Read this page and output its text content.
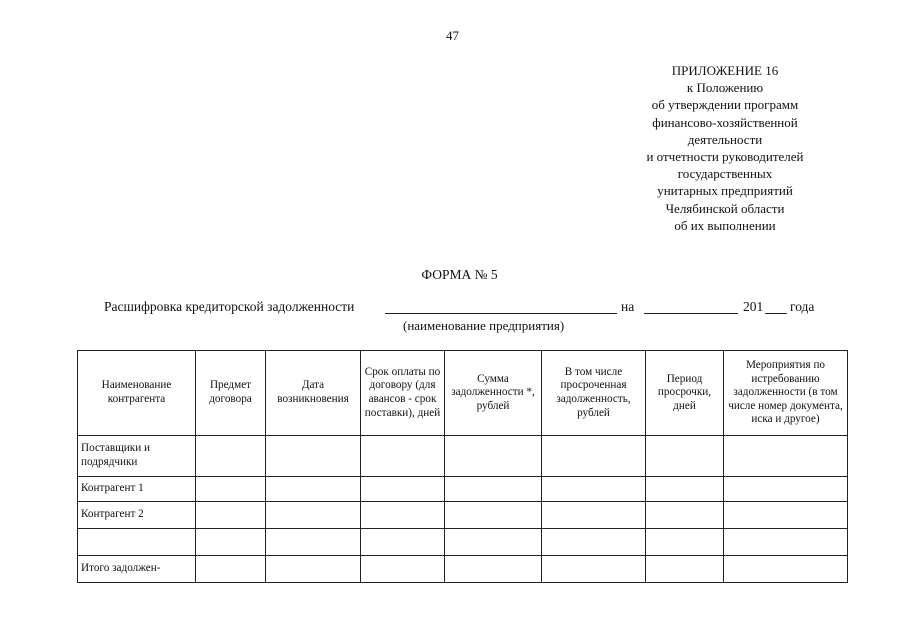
47
ПРИЛОЖЕНИЕ 16
к Положению
об утверждении программ
финансово-хозяйственной
деятельности
и отчетности руководителей
государственных
унитарных предприятий
Челябинской области
об их выполнении
ФОРМА № 5
Расшифровка кредиторской задолженности	на	201 года
(наименование предприятия)
Наименование контрагента	Предмет договора	Дата возникновения	Срок оплаты по договору (для авансов - срок поставки), дней	Сумма задолженности *, рублей	В том числе просроченная задолженность, рублей	Период просрочки, дней	Мероприятия по истребованию задолженности (в том числе номер документа, иска и другое)
Поставщики и подрядчики							
Контрагент 1							
Контрагент 2							

Итого задолжен-							
